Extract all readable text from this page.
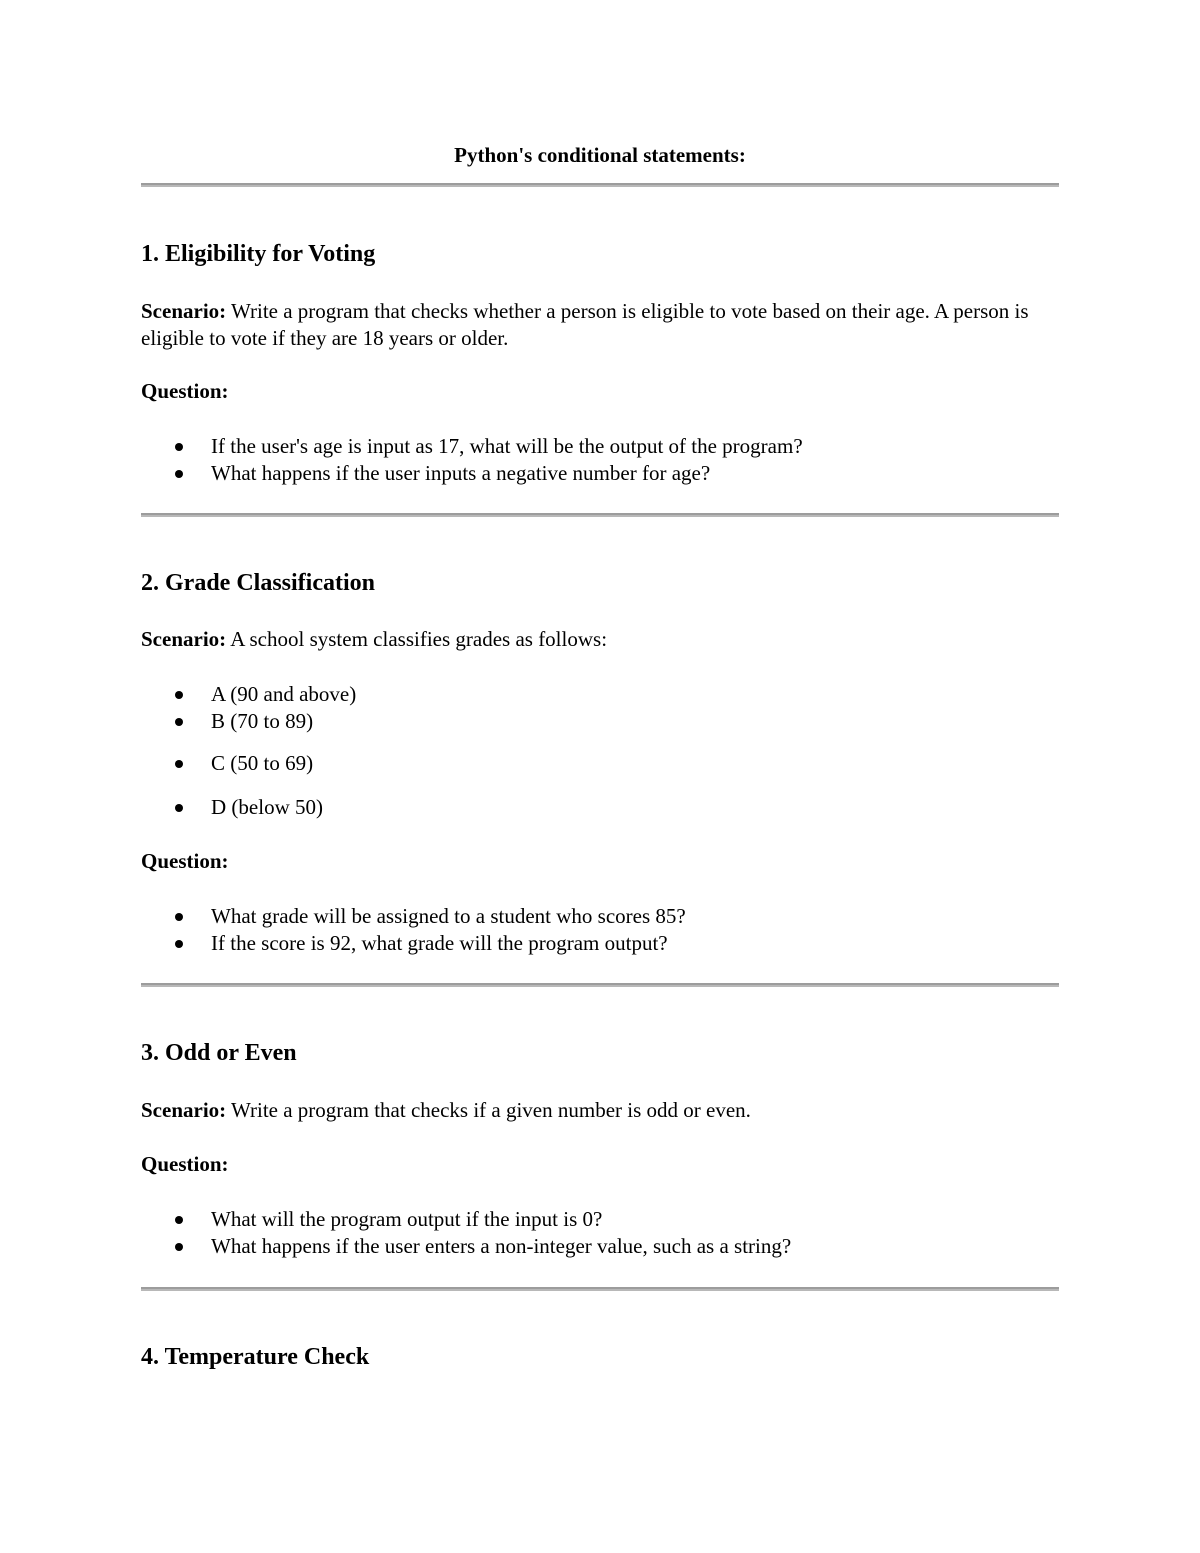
Python's conditional statements:
1. Eligibility for Voting
Scenario: Write a program that checks whether a person is eligible to vote based on their age. A person is eligible to vote if they are 18 years or older.
Question:
If the user's age is input as 17, what will be the output of the program?
What happens if the user inputs a negative number for age?
2. Grade Classification
Scenario: A school system classifies grades as follows:
A (90 and above)
B (70 to 89)
C (50 to 69)
D (below 50)
Question:
What grade will be assigned to a student who scores 85?
If the score is 92, what grade will the program output?
3. Odd or Even
Scenario: Write a program that checks if a given number is odd or even.
Question:
What will the program output if the input is 0?
What happens if the user enters a non-integer value, such as a string?
4. Temperature Check
